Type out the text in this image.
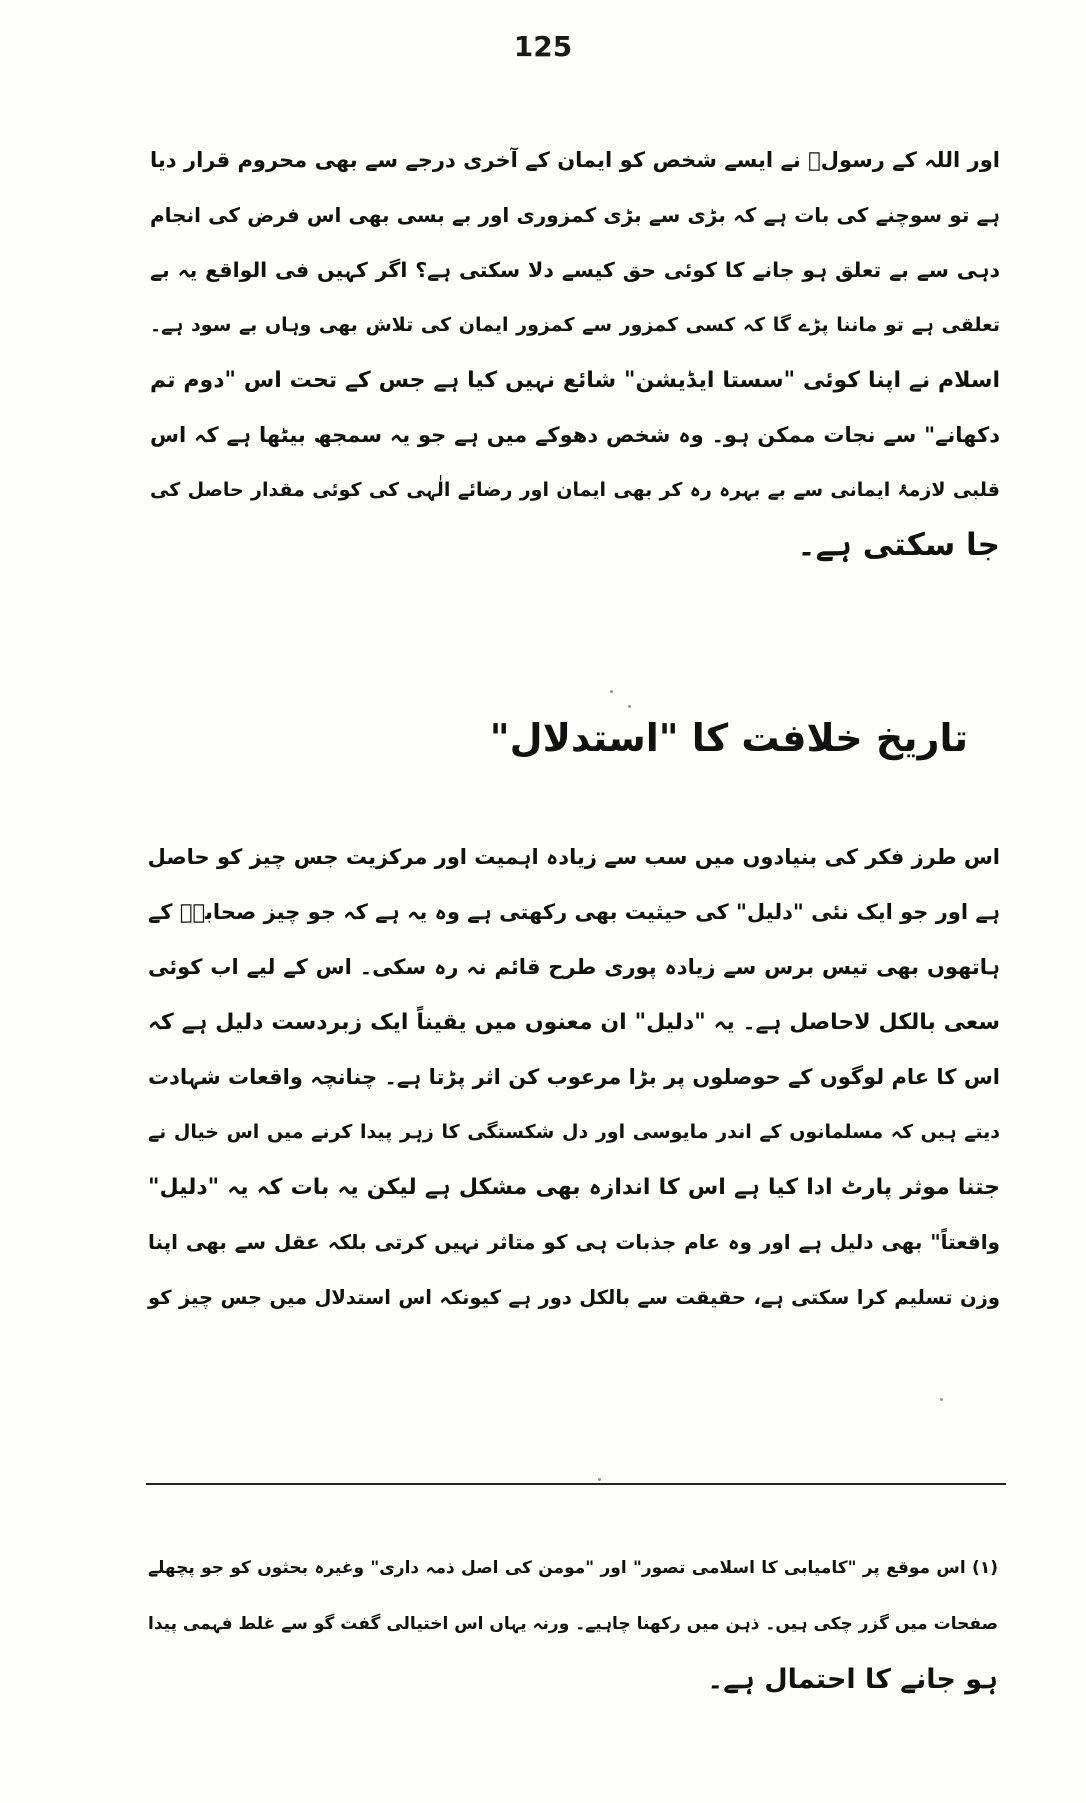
125
اور اللہ کے رسولؐ نے ایسے شخص کو ایمان کے آخری درجے سے بھی محروم قرار دیا
ہے تو سوچنے کی بات ہے کہ بڑی سے بڑی کمزوری اور بے بسی بھی اس فرض کی انجام
دہی سے بے تعلق ہو جانے کا کوئی حق کیسے دلا سکتی ہے؟ اگر کہیں فی الواقع یہ بے
تعلقی ہے تو ماننا پڑے گا کہ کسی کمزور سے کمزور ایمان کی تلاش بھی وہاں بے سود ہے۔
اسلام نے اپنا کوئی "سستا ایڈیشن" شائع نہیں کیا ہے جس کے تحت اس "دوم تم
دکھانے" سے نجات ممکن ہو۔ وہ شخص دھوکے میں ہے جو یہ سمجھ بیٹھا ہے کہ اس
قلبی لازمۂ ایمانی سے بے بہرہ رہ کر بھی ایمان اور رضائے الٰہی کی کوئی مقدار حاصل کی
جا سکتی ہے۔
تاریخ خلافت کا "استدلال"
اس طرز فکر کی بنیادوں میں سب سے زیادہ اہمیت اور مرکزیت جس چیز کو حاصل
ہے اور جو ایک نئی "دلیل" کی حیثیت بھی رکھتی ہے وہ یہ ہے کہ جو چیز صحابہؓ کے
ہاتھوں بھی تیس برس سے زیادہ پوری طرح قائم نہ رہ سکی۔ اس کے لیے اب کوئی
سعی بالکل لاحاصل ہے۔ یہ "دلیل" ان معنوں میں یقیناً ایک زبردست دلیل ہے کہ
اس کا عام لوگوں کے حوصلوں پر بڑا مرعوب کن اثر پڑتا ہے۔ چنانچہ واقعات شہادت
دیتے ہیں کہ مسلمانوں کے اندر مایوسی اور دل شکستگی کا زہر پیدا کرنے میں اس خیال نے
جتنا موثر پارٹ ادا کیا ہے اس کا اندازہ بھی مشکل ہے لیکن یہ بات کہ یہ "دلیل"
واقعتاً" بھی دلیل ہے اور وہ عام جذبات ہی کو متاثر نہیں کرتی بلکہ عقل سے بھی اپنا
وزن تسلیم کرا سکتی ہے، حقیقت سے بالکل دور ہے کیونکہ اس استدلال میں جس چیز کو
(۱) اس موقع پر "کامیابی کا اسلامی تصور" اور "مومن کی اصل ذمہ داری" وغیرہ بحثوں کو جو پچھلے
صفحات میں گزر چکی ہیں۔ ذہن میں رکھنا چاہیے۔ ورنہ یہاں اس اختیالی گفت گو سے غلط فہمی پیدا
ہو جانے کا احتمال ہے۔
